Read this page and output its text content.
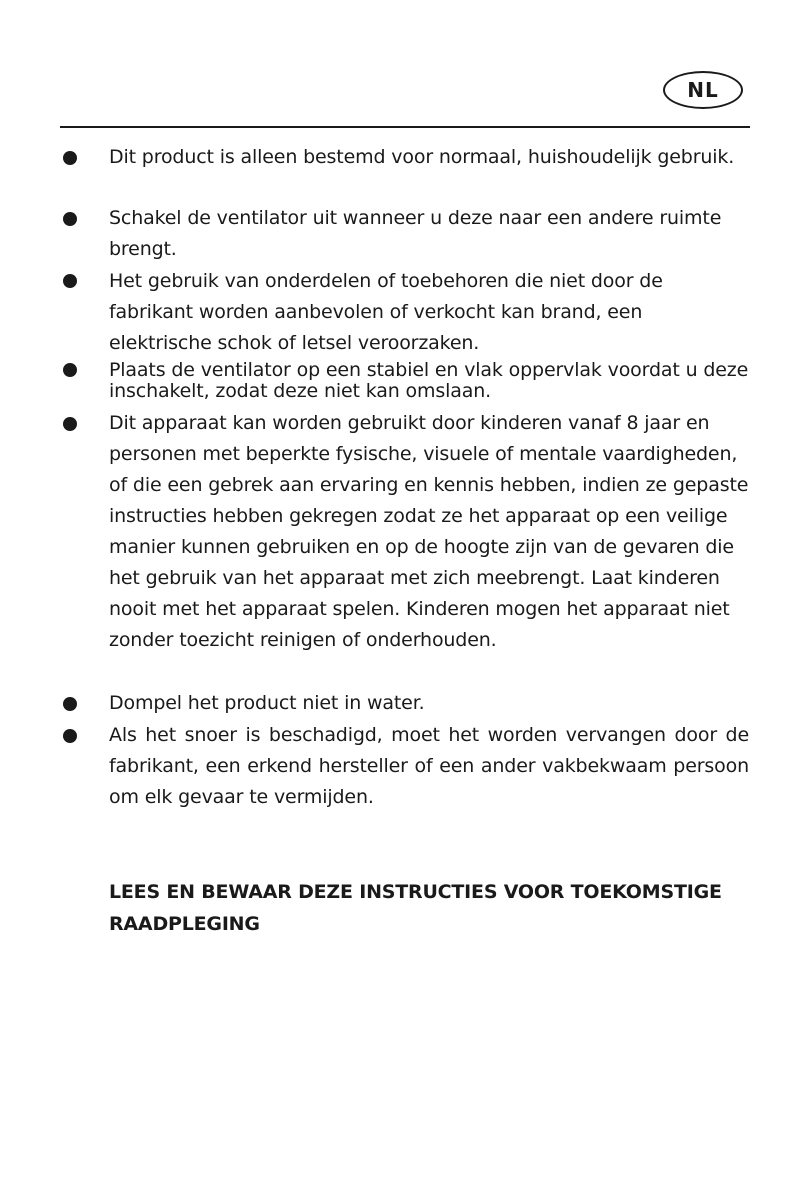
NL

Dit product is alleen bestemd voor normaal, huishoudelijk gebruik.

Schakel de ventilator uit wanneer u deze naar een andere ruimte brengt.

Het gebruik van onderdelen of toebehoren die niet door de fabrikant worden aanbevolen of verkocht kan brand, een elektrische schok of letsel veroorzaken.

Plaats de ventilator op een stabiel en vlak oppervlak voordat u deze inschakelt, zodat deze niet kan omslaan.

Dit apparaat kan worden gebruikt door kinderen vanaf 8 jaar en personen met beperkte fysische, visuele of mentale vaardigheden, of die een gebrek aan ervaring en kennis hebben, indien ze gepaste instructies hebben gekregen zodat ze het apparaat op een veilige manier kunnen gebruiken en op de hoogte zijn van de gevaren die het gebruik van het apparaat met zich meebrengt. Laat kinderen nooit met het apparaat spelen. Kinderen mogen het apparaat niet zonder toezicht reinigen of onderhouden.

Dompel het product niet in water.

Als het snoer is beschadigd, moet het worden vervangen door de fabrikant, een erkend hersteller of een ander vakbekwaam persoon om elk gevaar te vermijden.

LEES EN BEWAAR DEZE INSTRUCTIES VOOR TOEKOMSTIGE RAADPLEGING
